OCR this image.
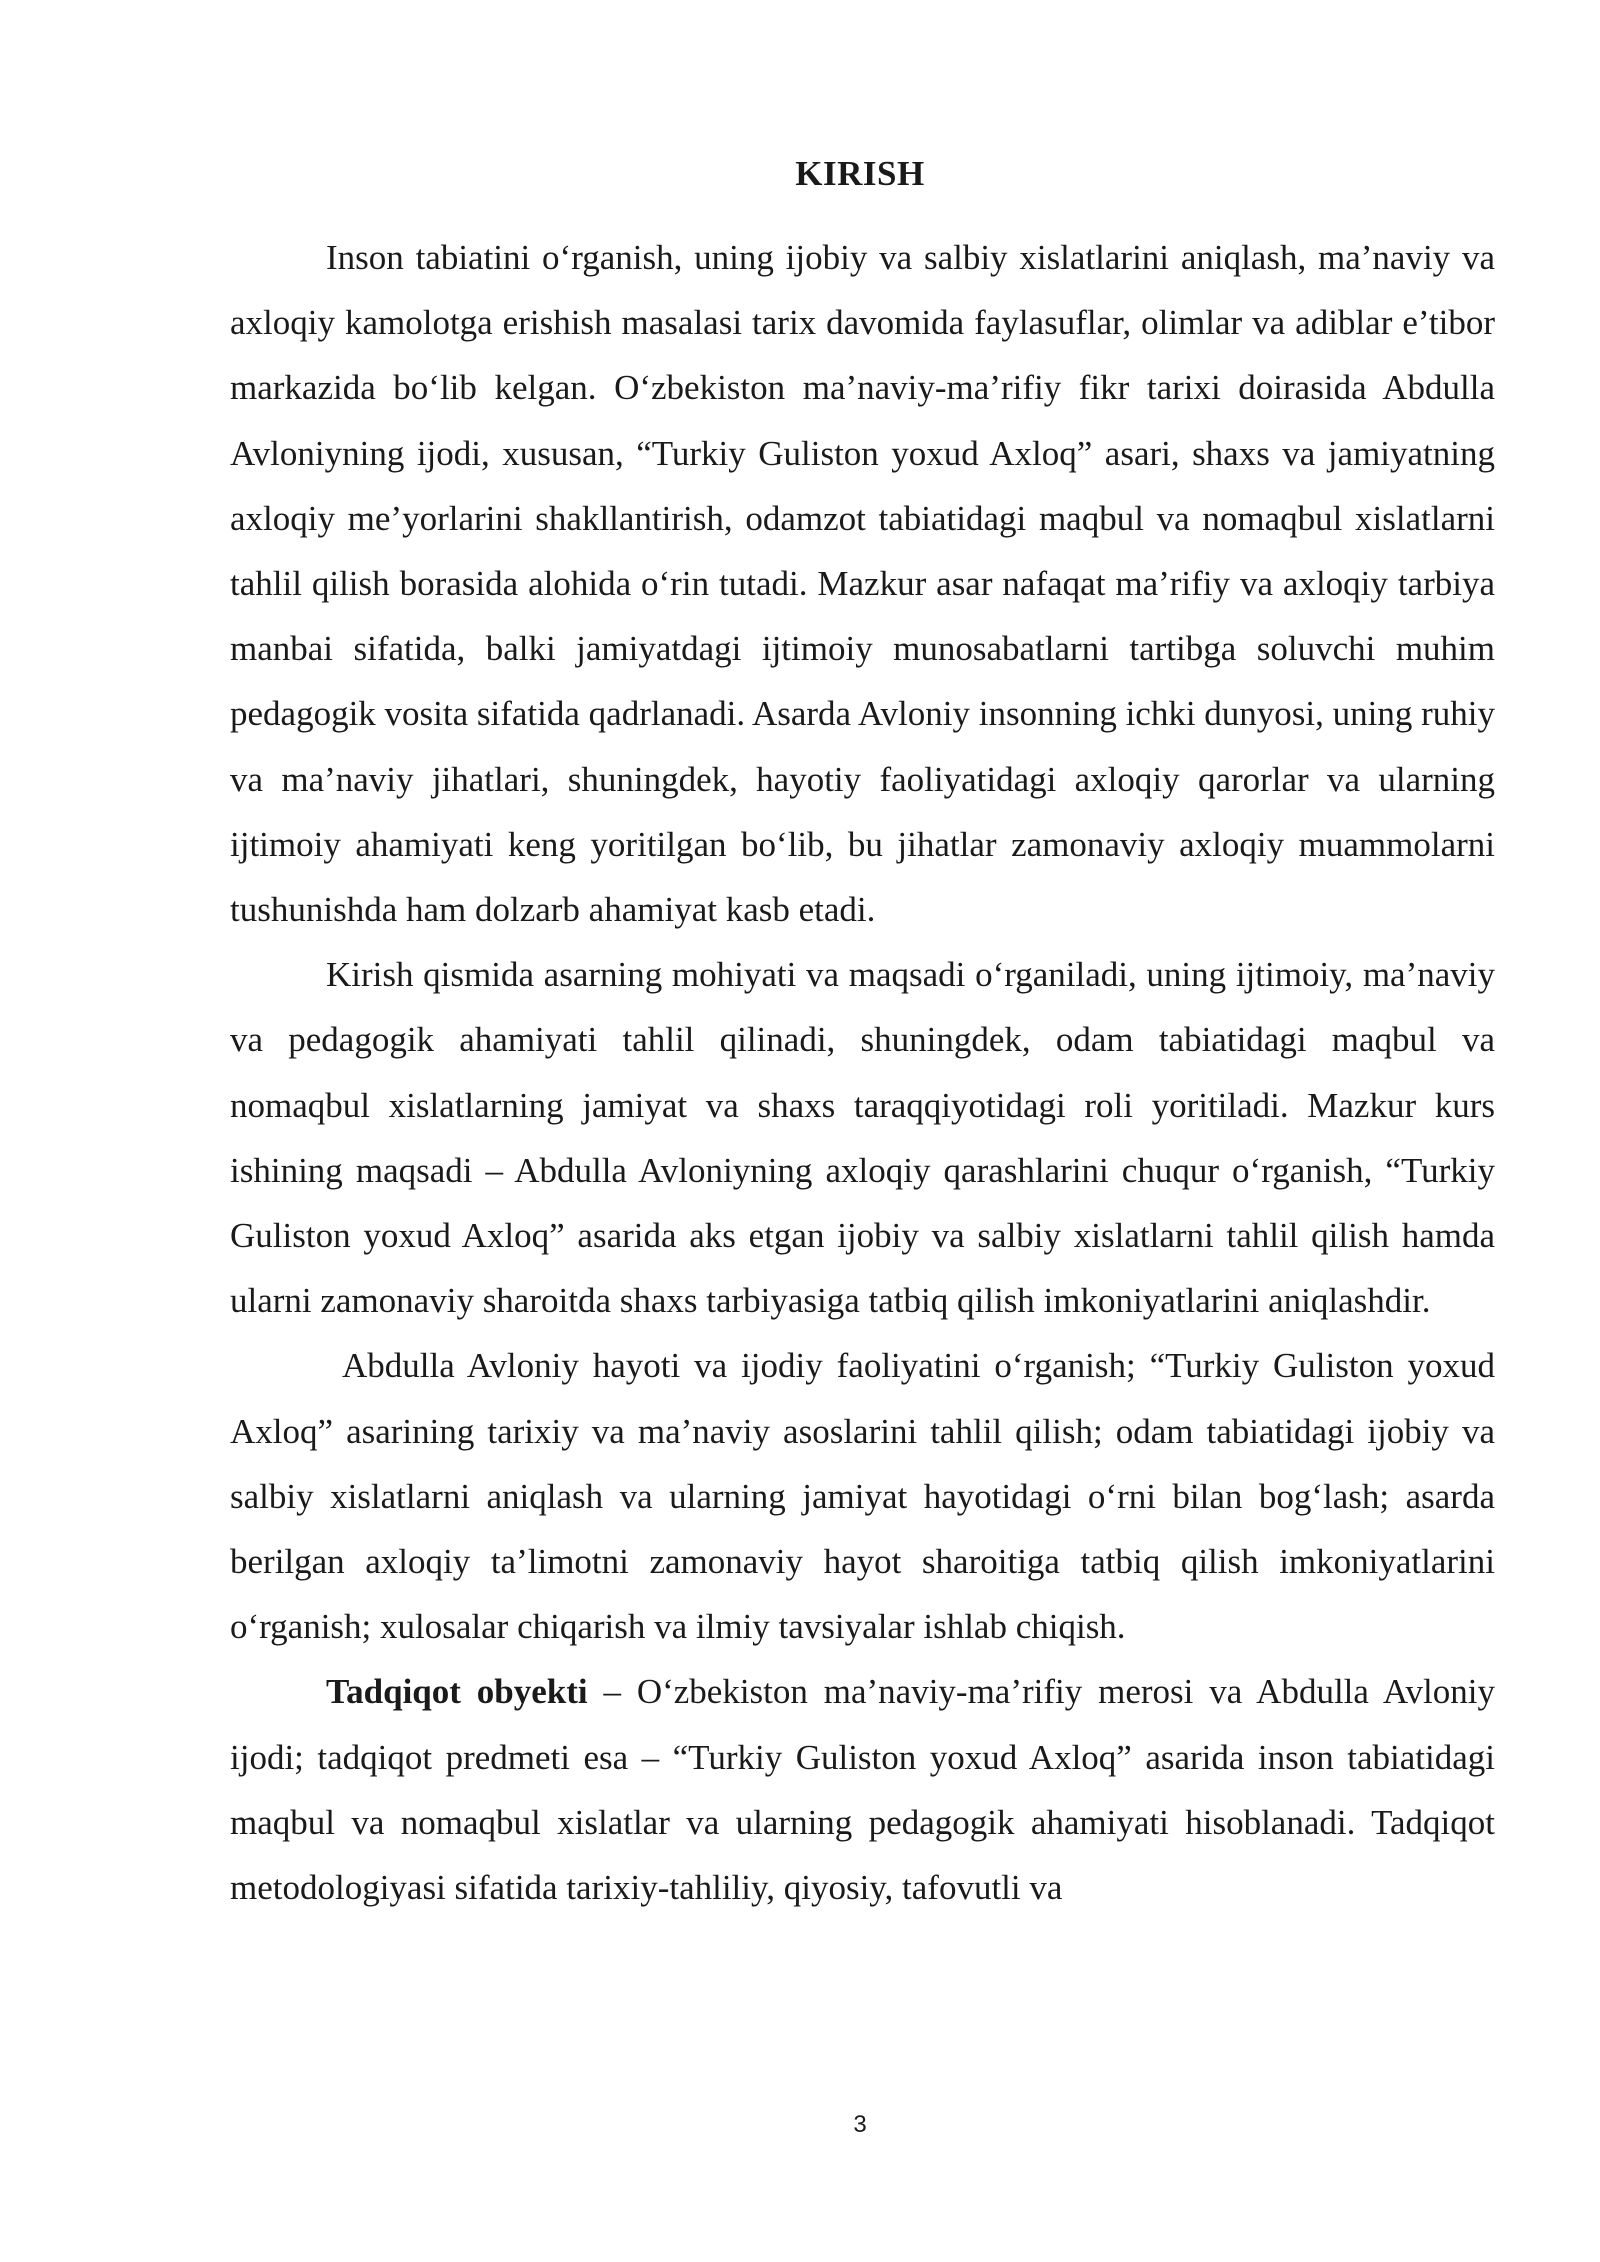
KIRISH

Inson tabiatini o‘rganish, uning ijobiy va salbiy xislatlarini aniqlash, ma’naviy va axloqiy kamolotga erishish masalasi tarix davomida faylasuflar, olimlar va adiblar e’tibor markazida bo‘lib kelgan. O‘zbekiston ma’naviy-ma’rifiy fikr tarixi doirasida Abdulla Avloniyning ijodi, xususan, “Turkiy Guliston yoxud Axloq” asari, shaxs va jamiyatning axloqiy me’yorlarini shakllantirish, odamzot tabiatidagi maqbul va nomaqbul xislatlarni tahlil qilish borasida alohida o‘rin tutadi. Mazkur asar nafaqat ma’rifiy va axloqiy tarbiya manbai sifatida, balki jamiyatdagi ijtimoiy munosabatlarni tartibga soluvchi muhim pedagogik vosita sifatida qadrlanadi. Asarda Avloniy insonning ichki dunyosi, uning ruhiy va ma’naviy jihatlari, shuningdek, hayotiy faoliyatidagi axloqiy qarorlar va ularning ijtimoiy ahamiyati keng yoritilgan bo‘lib, bu jihatlar zamonaviy axloqiy muammolarni tushunishda ham dolzarb ahamiyat kasb etadi.

Kirish qismida asarning mohiyati va maqsadi o‘rganiladi, uning ijtimoiy, ma’naviy va pedagogik ahamiyati tahlil qilinadi, shuningdek, odam tabiatidagi maqbul va nomaqbul xislatlarning jamiyat va shaxs taraqqiyotidagi roli yoritiladi. Mazkur kurs ishining maqsadi – Abdulla Avloniyning axloqiy qarashlarini chuqur o‘rganish, “Turkiy Guliston yoxud Axloq” asarida aks etgan ijobiy va salbiy xislatlarni tahlil qilish hamda ularni zamonaviy sharoitda shaxs tarbiyasiga tatbiq qilish imkoniyatlarini aniqlashdir.

Abdulla Avloniy hayoti va ijodiy faoliyatini o‘rganish; “Turkiy Guliston yoxud Axloq” asarining tarixiy va ma’naviy asoslarini tahlil qilish; odam tabiatidagi ijobiy va salbiy xislatlarni aniqlash va ularning jamiyat hayotidagi o‘rni bilan bog‘lash; asarda berilgan axloqiy ta’limotni zamonaviy hayot sharoitiga tatbiq qilish imkoniyatlarini o‘rganish; xulosalar chiqarish va ilmiy tavsiyalar ishlab chiqish.

Tadqiqot obyekti – O‘zbekiston ma’naviy-ma’rifiy merosi va Abdulla Avloniy ijodi; tadqiqot predmeti esa – “Turkiy Guliston yoxud Axloq” asarida inson tabiatidagi maqbul va nomaqbul xislatlar va ularning pedagogik ahamiyati hisoblanadi. Tadqiqot metodologiyasi sifatida tarixiy-tahliliy, qiyosiy, tafovutli va

3
